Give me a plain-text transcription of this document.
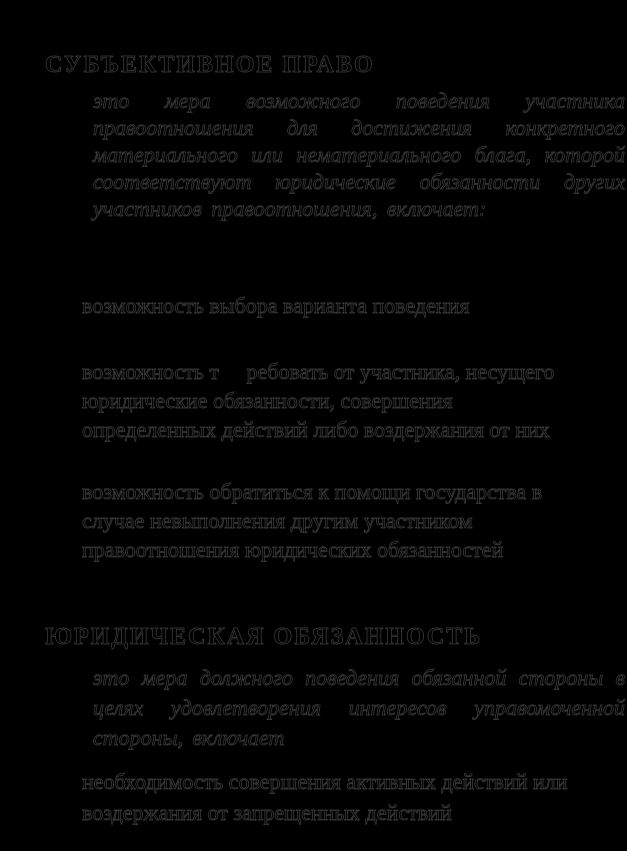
СУБЪЕКТИВНОЕ ПРАВО

это мера возможного поведения участника правоотношения для достижения конкретного материального или нематериального блага, которой соответствуют юридические обязанности других участников правоотношения, включает:

возможность выбора варианта поведения

возможность т     ребовать от участника, несущего юридические обязанности, совершения определенных действий либо воздержания от них

возможность обратиться к помощи государства в случае невыполнения другим участником правоотношения юридических обязанностей

ЮРИДИЧЕСКАЯ ОБЯЗАННОСТЬ

это мера должного поведения обязанной стороны в целях удовлетворения интересов управомоченной стороны, включает

необходимость совершения активных действий или воздержания от запрещенных действий
